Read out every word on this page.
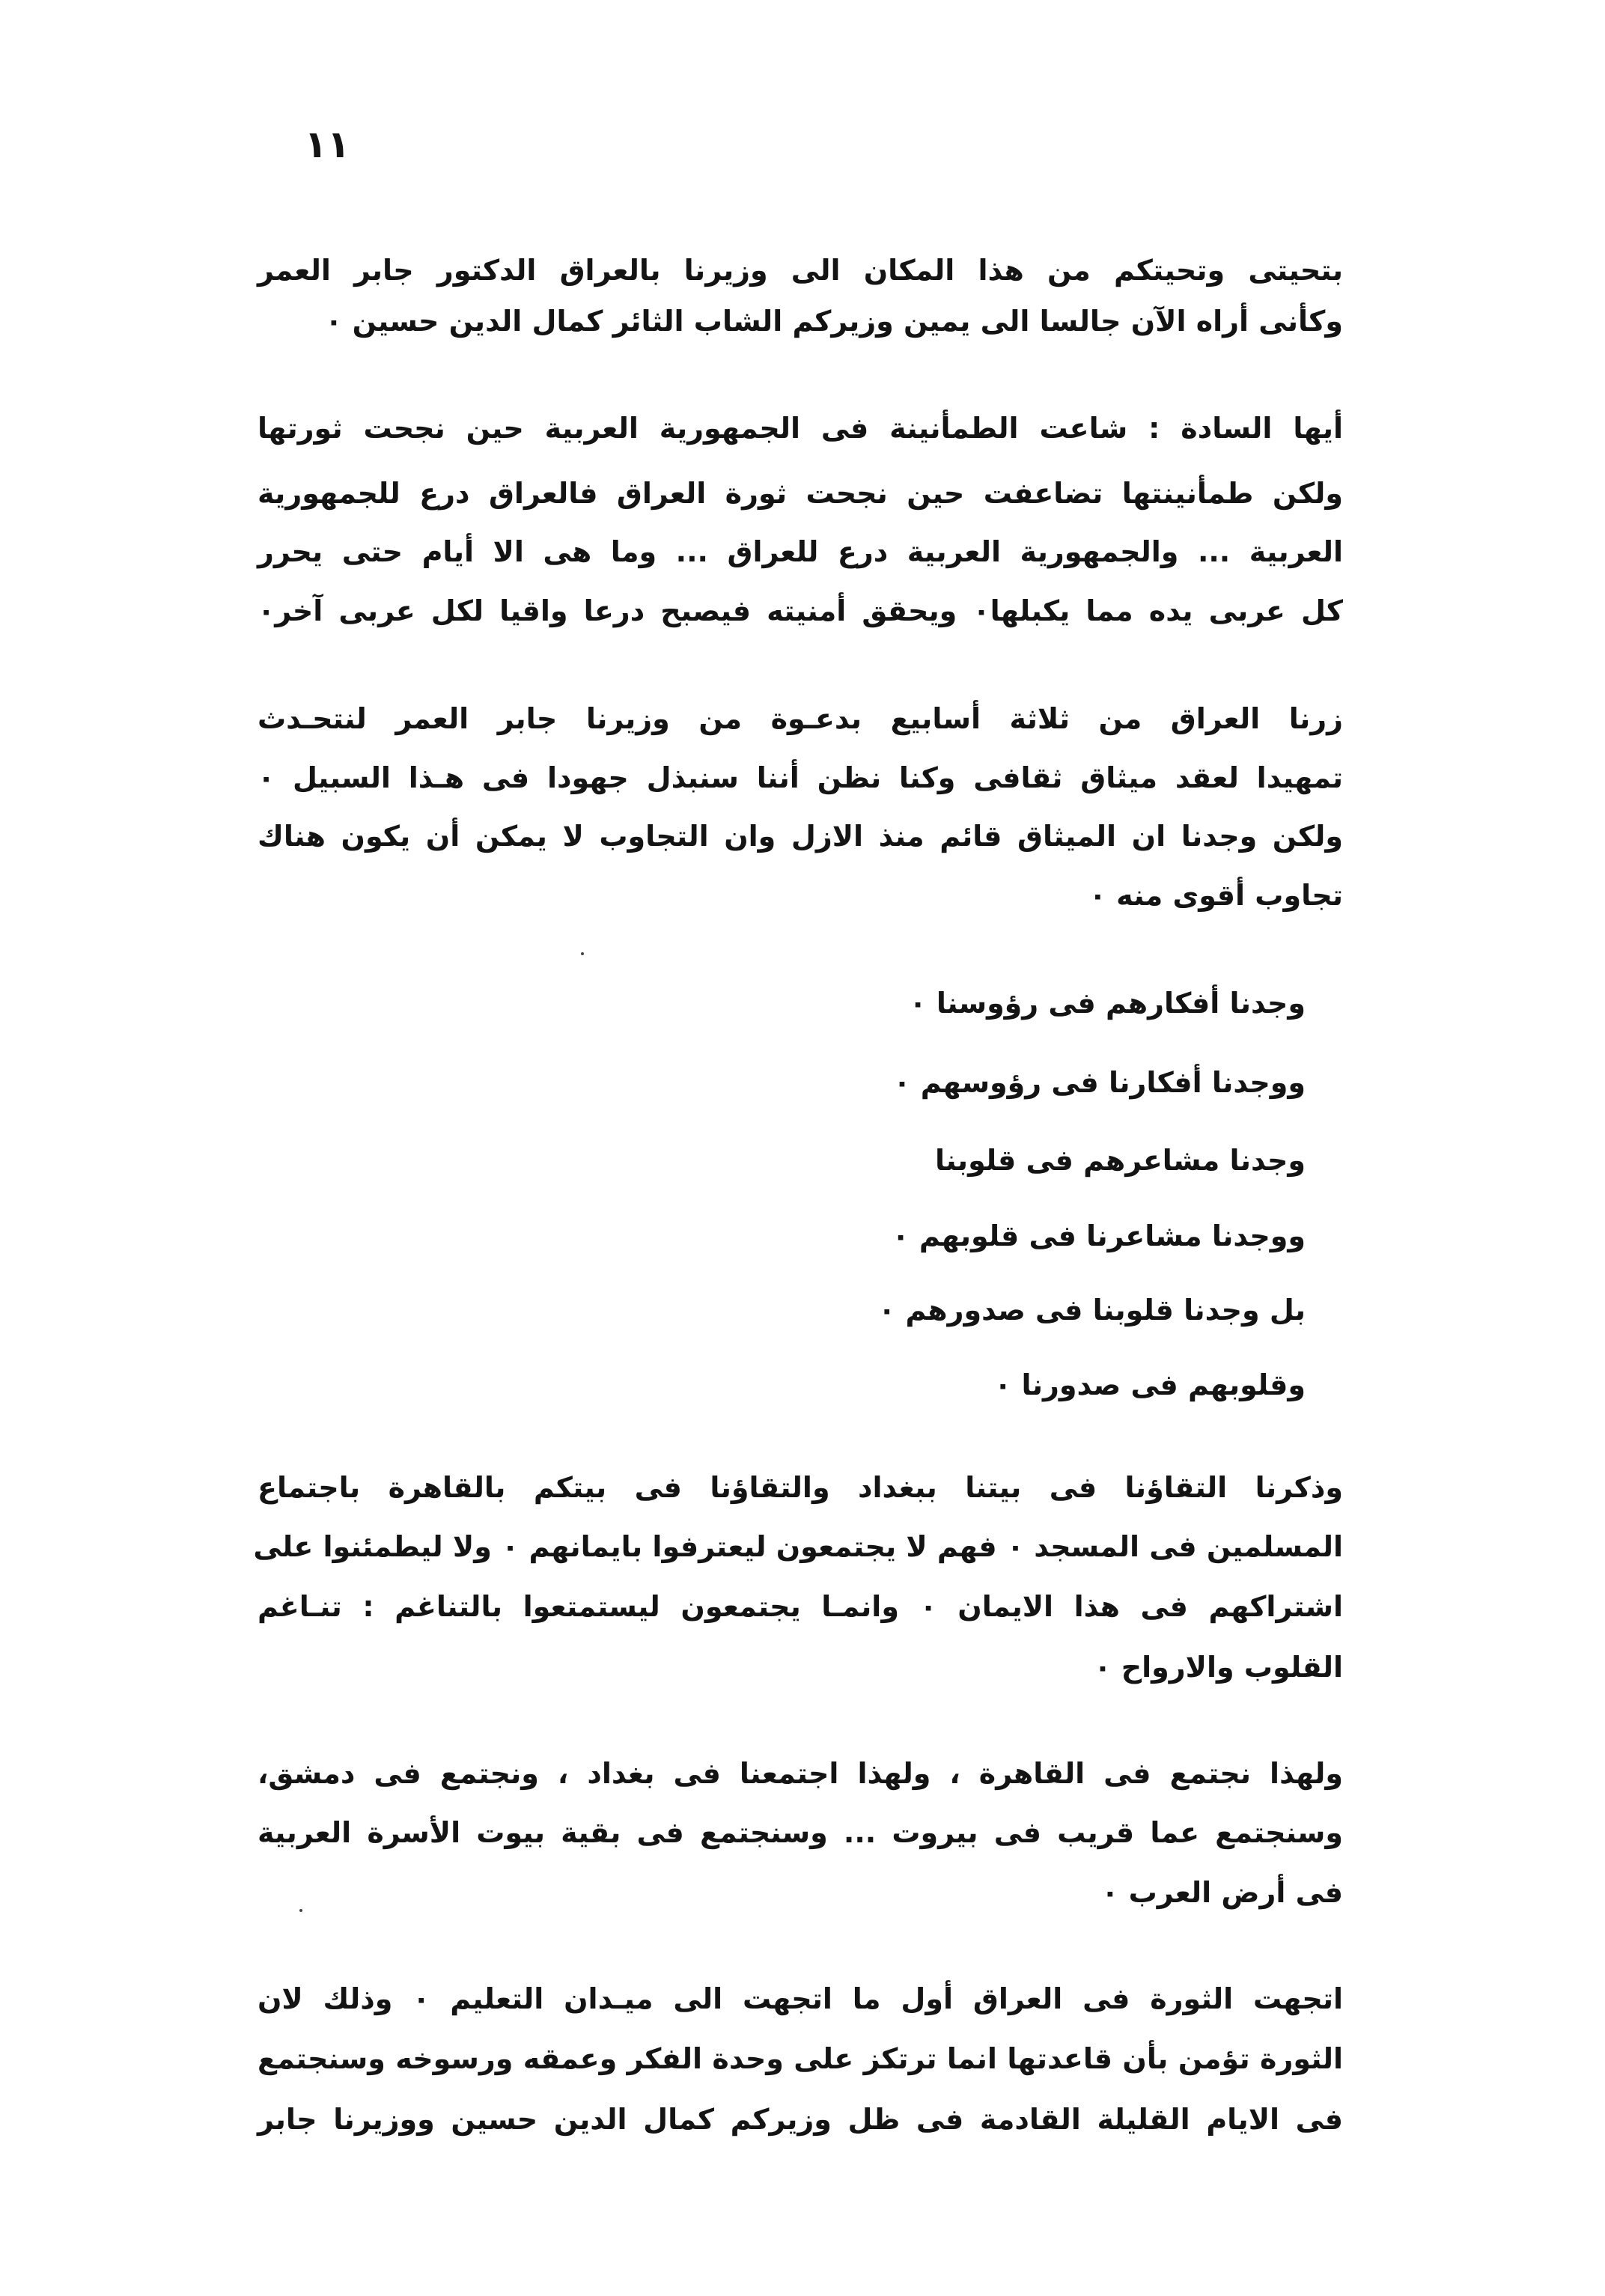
١١
بتحيتى وتحيتكم من هذا المكان الى وزيرنا بالعراق الدكتور جابر العمر
وكأنى أراه الآن جالسا الى يمين وزيركم الشاب الثائر كمال الدين حسين ٠
أيها السادة : شاعت الطمأنينة فى الجمهورية العربية حين نجحت ثورتها
ولكن طمأنينتها تضاعفت حين نجحت ثورة العراق فالعراق درع للجمهورية
العربية ... والجمهورية العربية درع للعراق ... وما هى الا أيام حتى يحرر
كل عربى يده مما يكبلها٠ ويحقق أمنيته فيصبح درعا واقيا لكل عربى آخر٠
زرنا العراق من ثلاثة أسابيع بدعـوة من وزيرنا جابر العمر لنتحـدث
تمهيدا لعقد ميثاق ثقافى وكنا نظن أننا سنبذل جهودا فى هـذا السبيل ٠
ولكن وجدنا ان الميثاق قائم منذ الازل وان التجاوب لا يمكن أن يكون هناك
تجاوب أقوى منه ٠
وجدنا أفكارهم فى رؤوسنا ٠
ووجدنا أفكارنا فى رؤوسهم ٠
وجدنا مشاعرهم فى قلوبنا
ووجدنا مشاعرنا فى قلوبهم ٠
بل وجدنا قلوبنا فى صدورهم ٠
وقلوبهم فى صدورنا ٠
وذكرنا التقاؤنا فى بيتنا ببغداد والتقاؤنا فى بيتكم بالقاهرة باجتماع
المسلمين فى المسجد ٠ فهم لا يجتمعون ليعترفوا بايمانهم ٠ ولا ليطمئنوا على
اشتراكهم فى هذا الايمان ٠ وانمـا يجتمعون ليستمتعوا بالتناغم : تنـاغم
القلوب والارواح ٠
ولهذا نجتمع فى القاهرة ، ولهذا اجتمعنا فى بغداد ، ونجتمع فى دمشق،
وسنجتمع عما قريب فى بيروت ... وسنجتمع فى بقية بيوت الأسرة العربية
فى أرض العرب ٠
اتجهت الثورة فى العراق أول ما اتجهت الى ميـدان التعليم ٠ وذلك لان
الثورة تؤمن بأن قاعدتها انما ترتكز على وحدة الفكر وعمقه ورسوخه وسنجتمع
فى الايام القليلة القادمة فى ظل وزيركم كمال الدين حسين ووزيرنا جابر
